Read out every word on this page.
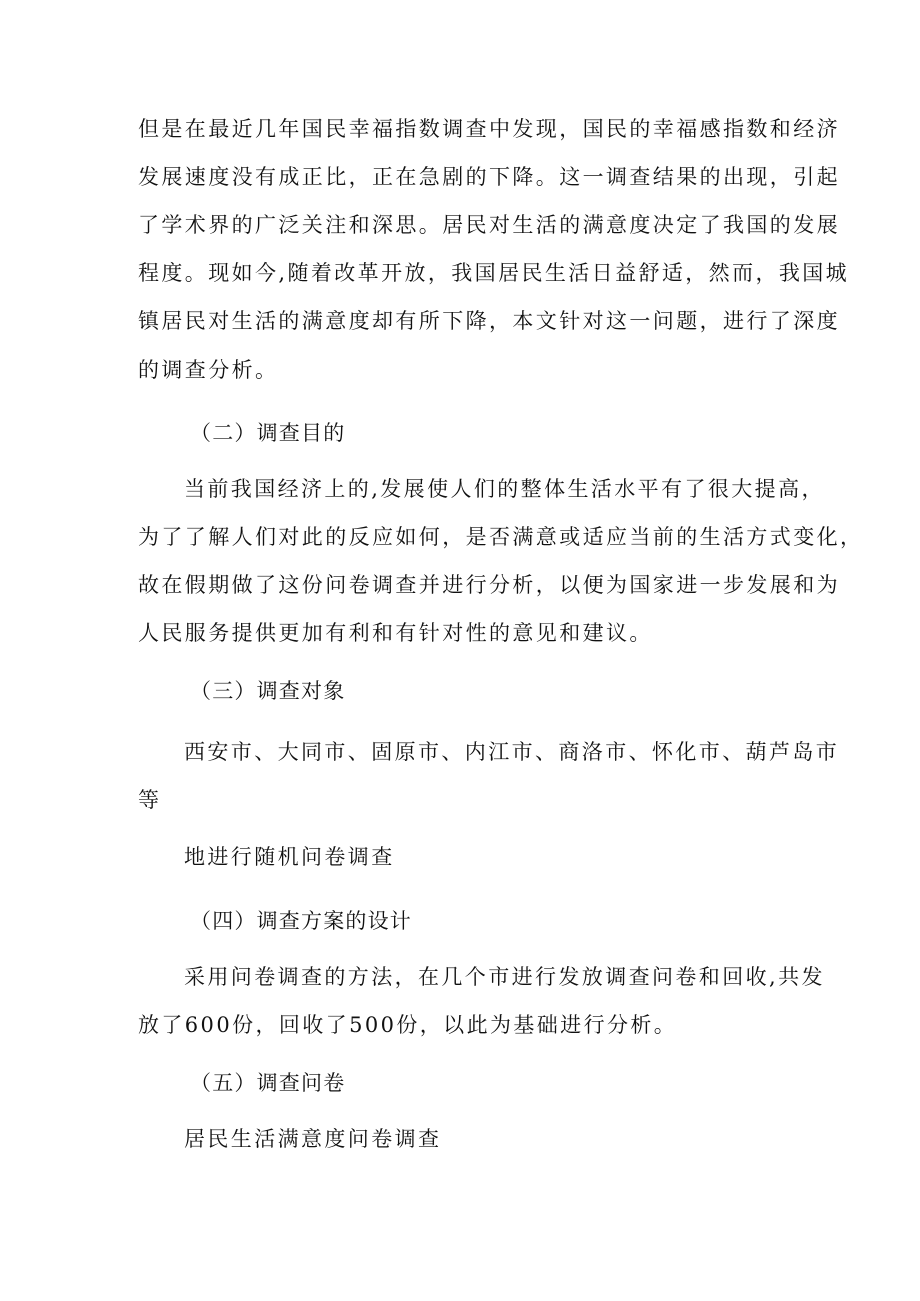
但是在最近几年国民幸福指数调查中发现，国民的幸福感指数和经济
发展速度没有成正比，正在急剧的下降。这一调查结果的出现，引起
了学术界的广泛关注和深思。居民对生活的满意度决定了我国的发展
程度。现如今,随着改革开放，我国居民生活日益舒适，然而，我国城
镇居民对生活的满意度却有所下降，本文针对这一问题，进行了深度
的调查分析。
（二）调查目的
当前我国经济上的,发展使人们的整体生活水平有了很大提高，
为了了解人们对此的反应如何，是否满意或适应当前的生活方式变化，
故在假期做了这份问卷调查并进行分析，以便为国家进一步发展和为
人民服务提供更加有利和有针对性的意见和建议。
（三）调查对象
西安市、大同市、固原市、内江市、商洛市、怀化市、葫芦岛市
等
地进行随机问卷调查
（四）调查方案的设计
采用问卷调查的方法，在几个市进行发放调查问卷和回收,共发
放了600份，回收了500份，以此为基础进行分析。
（五）调查问卷
居民生活满意度问卷调查
